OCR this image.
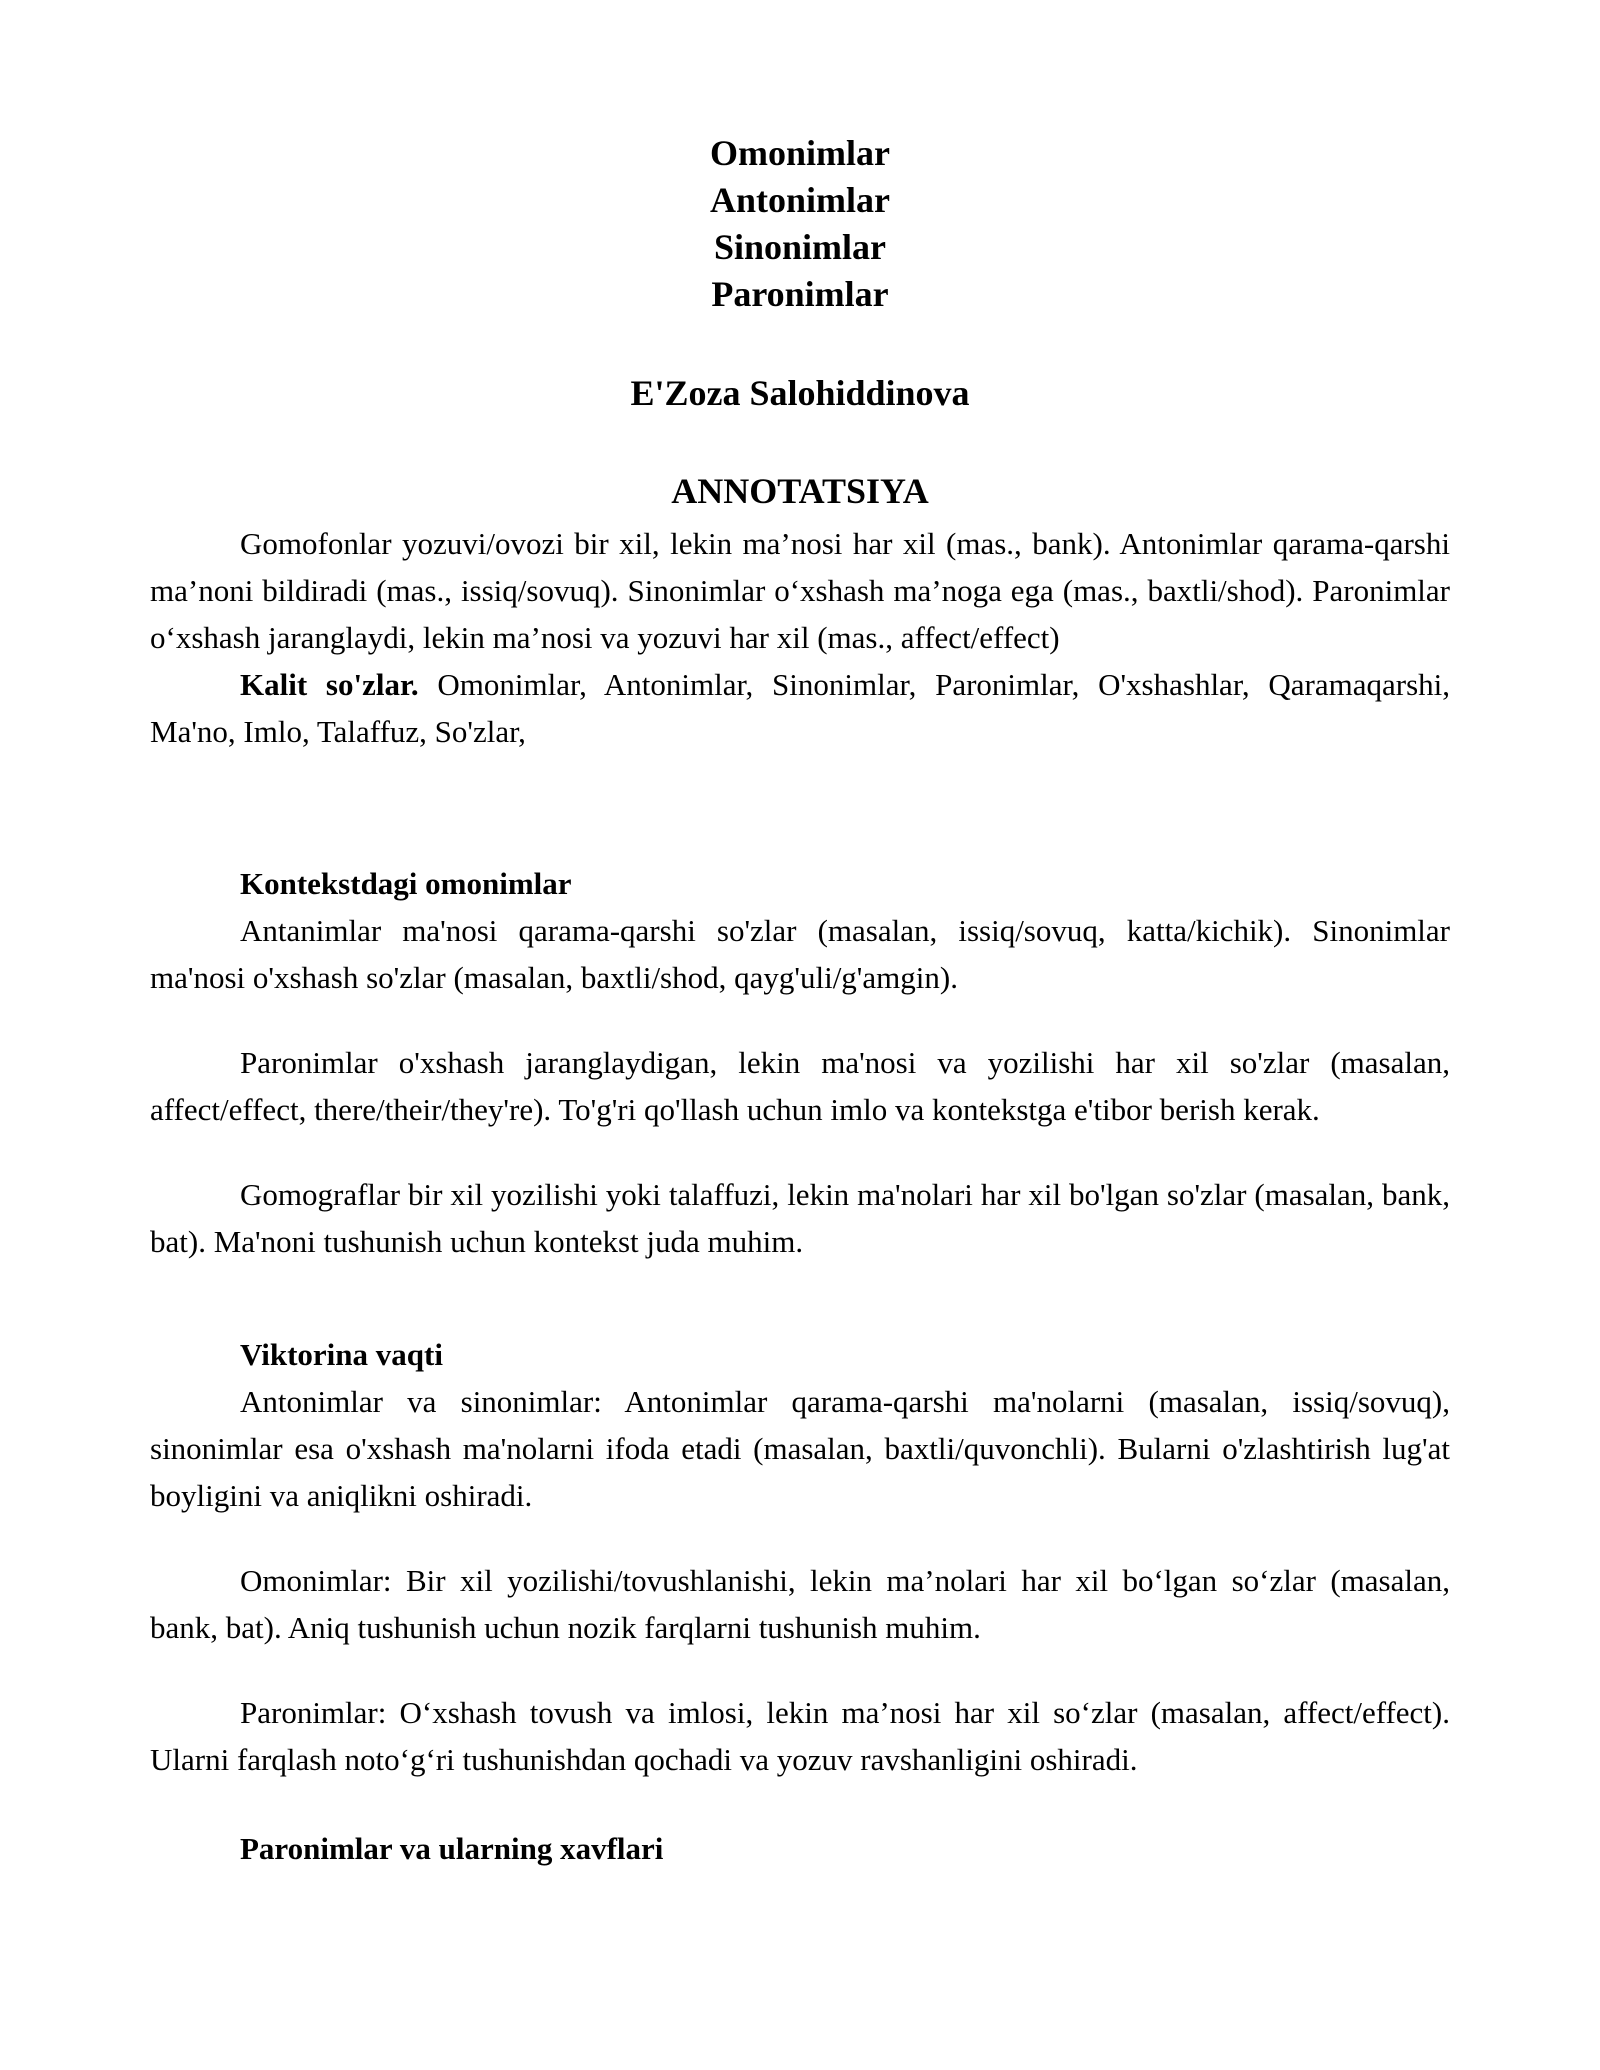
Omonimlar
Antonimlar
Sinonimlar
Paronimlar
E'Zoza Salohiddinova
ANNOTATSIYA

Gomofonlar yozuvi/ovozi bir xil, lekin ma’nosi har xil (mas., bank). Antonimlar qarama-qarshi ma’noni bildiradi (mas., issiq/sovuq). Sinonimlar o‘xshash ma’noga ega (mas., baxtli/shod). Paronimlar o‘xshash jaranglaydi, lekin ma’nosi va yozuvi har xil (mas., affect/effect)

Kalit so'zlar. Omonimlar, Antonimlar, Sinonimlar, Paronimlar, O'xshashlar, Qaramaqarshi, Ma'no, Imlo, Talaffuz, So'zlar,

Kontekstdagi omonimlar

Antanimlar ma'nosi qarama-qarshi so'zlar (masalan, issiq/sovuq, katta/kichik). Sinonimlar ma'nosi o'xshash so'zlar (masalan, baxtli/shod, qayg'uli/g'amgin).

Paronimlar o'xshash jaranglaydigan, lekin ma'nosi va yozilishi har xil so'zlar (masalan, affect/effect, there/their/they're). To'g'ri qo'llash uchun imlo va kontekstga e'tibor berish kerak.

Gomograflar bir xil yozilishi yoki talaffuzi, lekin ma'nolari har xil bo'lgan so'zlar (masalan, bank, bat). Ma'noni tushunish uchun kontekst juda muhim.

Viktorina vaqti

Antonimlar va sinonimlar: Antonimlar qarama-qarshi ma'nolarni (masalan, issiq/sovuq), sinonimlar esa o'xshash ma'nolarni ifoda etadi (masalan, baxtli/quvonchli). Bularni o'zlashtirish lug'at boyligini va aniqlikni oshiradi.

Omonimlar: Bir xil yozilishi/tovushlanishi, lekin ma’nolari har xil bo‘lgan so‘zlar (masalan, bank, bat). Aniq tushunish uchun nozik farqlarni tushunish muhim.

Paronimlar: O‘xshash tovush va imlosi, lekin ma’nosi har xil so‘zlar (masalan, affect/effect). Ularni farqlash noto‘g‘ri tushunishdan qochadi va yozuv ravshanligini oshiradi.

Paronimlar va ularning xavflari
